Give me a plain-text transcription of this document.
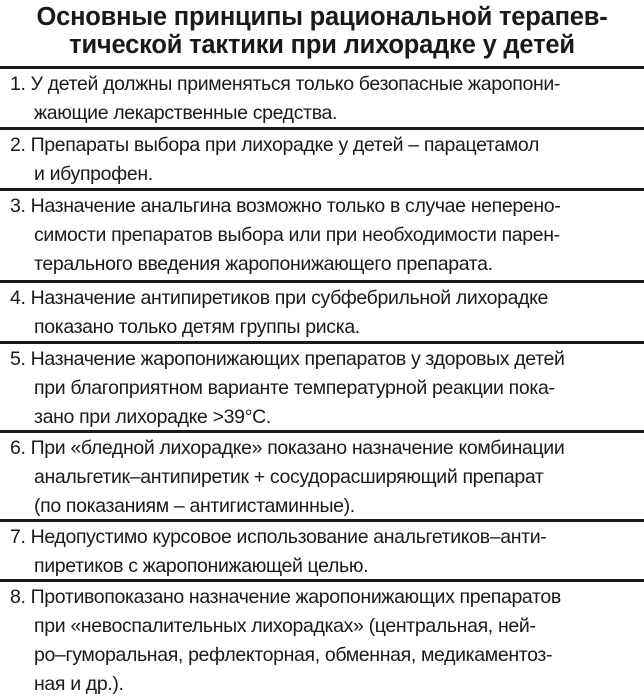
Основные принципы рациональной терапев-
тической тактики при лихорадке у детей
1. У детей должны применяться только безопасные жаропони-
жающие лекарственные средства.
2. Препараты выбора при лихорадке у детей – парацетамол
и ибупрофен.
3. Назначение анальгина возможно только в случае неперено-
симости препаратов выбора или при необходимости парен-
терального введения жаропонижающего препарата.
4. Назначение антипиретиков при субфебрильной лихорадке
показано только детям группы риска.
5. Назначение жаропонижающих препаратов у здоровых детей
при благоприятном варианте температурной реакции пока-
зано при лихорадке >39°С.
6. При «бледной лихорадке» показано назначение комбинации
анальгетик–антипиретик + сосудорасширяющий препарат
(по показаниям – антигистаминные).
7. Недопустимо курсовое использование анальгетиков–анти-
пиретиков с жаропонижающей целью.
8. Противопоказано назначение жаропонижающих препаратов
при «невоспалительных лихорадках» (центральная, ней-
ро–гуморальная, рефлекторная, обменная, медикаментоз-
ная и др.).
